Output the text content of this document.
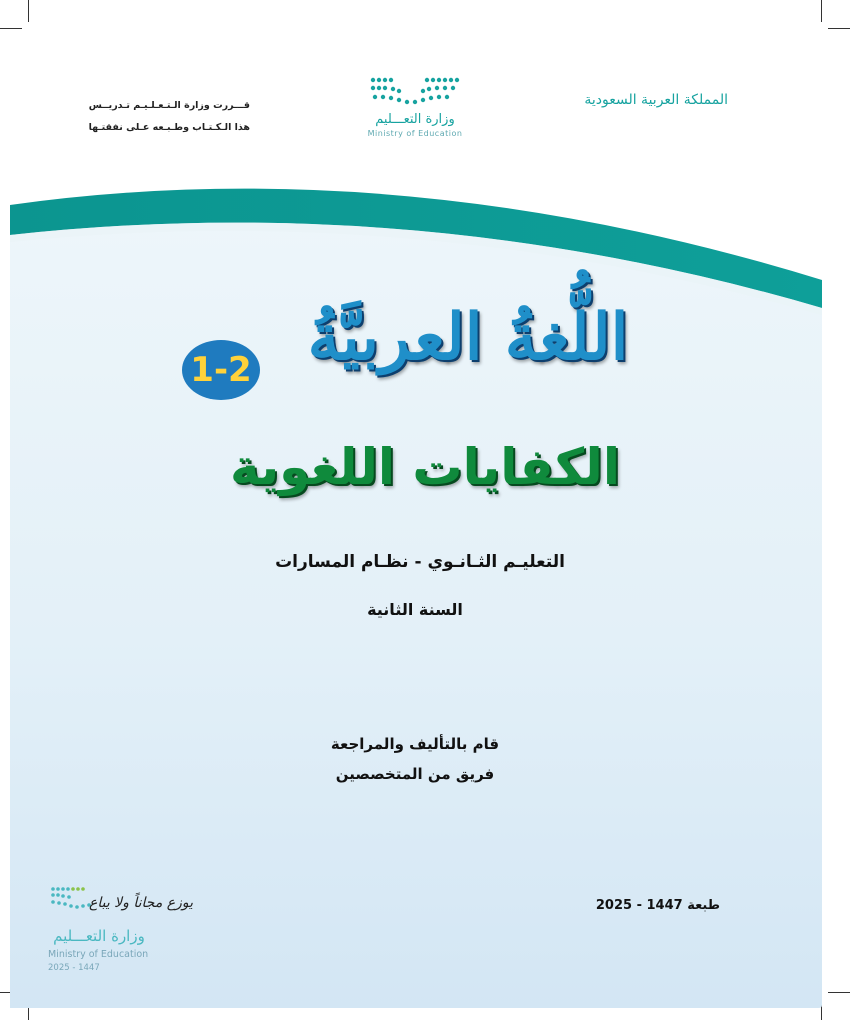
المملكة العربية السعودية
وزارة التعـــليم
Ministry of Education
قـــررت وزارة الـتـعـلـيـم تـدريــس
هذا الـكـتـاب وطـبـعه عـلى نفقتـها
1-2 اللُّغةُ العربيَّةُ
الكفايات اللغوية
التعليـم الثـانـوي - نظـام المسارات
السنة الثانية
قام بالتأليف والمراجعة
فريق من المتخصصين
طبعة 1447 - 2025
يوزع مجاناً ولا يباع
وزارة التعـــليم
Ministry of Education
2025 - 1447
